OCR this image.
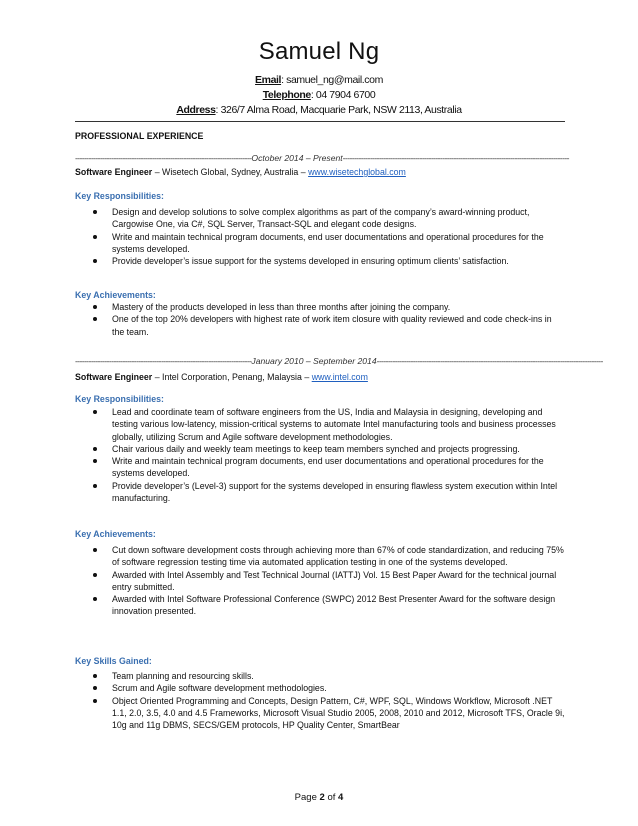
Samuel Ng
Email: samuel_ng@mail.com
Telephone: 04 7904 6700
Address: 326/7 Alma Road, Macquarie Park, NSW 2113, Australia
PROFESSIONAL EXPERIENCE
------------------------------------------------------------------------------October 2014 – Present----------------------------------------------------------------------------------------------------
Software Engineer – Wisetech Global, Sydney, Australia – www.wisetechglobal.com
Key Responsibilities:
Design and develop solutions to solve complex algorithms as part of the company’s award-winning product, Cargowise One, via C#, SQL Server, Transact-SQL and elegant code designs.
Write and maintain technical program documents, end user documentations and operational procedures for the systems developed.
Provide developer’s issue support for the systems developed in ensuring optimum clients’ satisfaction.
Key Achievements:
Mastery of the products developed in less than three months after joining the company.
One of the top 20% developers with highest rate of work item closure with quality reviewed and code check-ins in the team.
------------------------------------------------------------------------------January 2010 – September 2014----------------------------------------------------------------------------------------------------
Software Engineer – Intel Corporation, Penang, Malaysia – www.intel.com
Key Responsibilities:
Lead and coordinate team of software engineers from the US, India and Malaysia in designing, developing and testing various low-latency, mission-critical systems to automate Intel manufacturing tools and business processes globally, utilizing Scrum and Agile software development methodologies.
Chair various daily and weekly team meetings to keep team members synched and projects progressing.
Write and maintain technical program documents, end user documentations and operational procedures for the systems developed.
Provide developer’s (Level-3) support for the systems developed in ensuring flawless system execution within Intel manufacturing.
Key Achievements:
Cut down software development costs through achieving more than 67% of code standardization, and reducing 75% of software regression testing time via automated application testing in one of the systems developed.
Awarded with Intel Assembly and Test Technical Journal (IATTJ) Vol. 15 Best Paper Award for the technical journal entry submitted.
Awarded with Intel Software Professional Conference (SWPC) 2012 Best Presenter Award for the software design innovation presented.
Key Skills Gained:
Team planning and resourcing skills.
Scrum and Agile software development methodologies.
Object Oriented Programming and Concepts, Design Pattern, C#, WPF, SQL, Windows Workflow, Microsoft .NET 1.1, 2.0, 3.5, 4.0 and 4.5 Frameworks, Microsoft Visual Studio 2005, 2008, 2010 and 2012, Microsoft TFS, Oracle 9i, 10g and 11g DBMS, SECS/GEM protocols, HP Quality Center, SmartBear
Page 2 of 4
